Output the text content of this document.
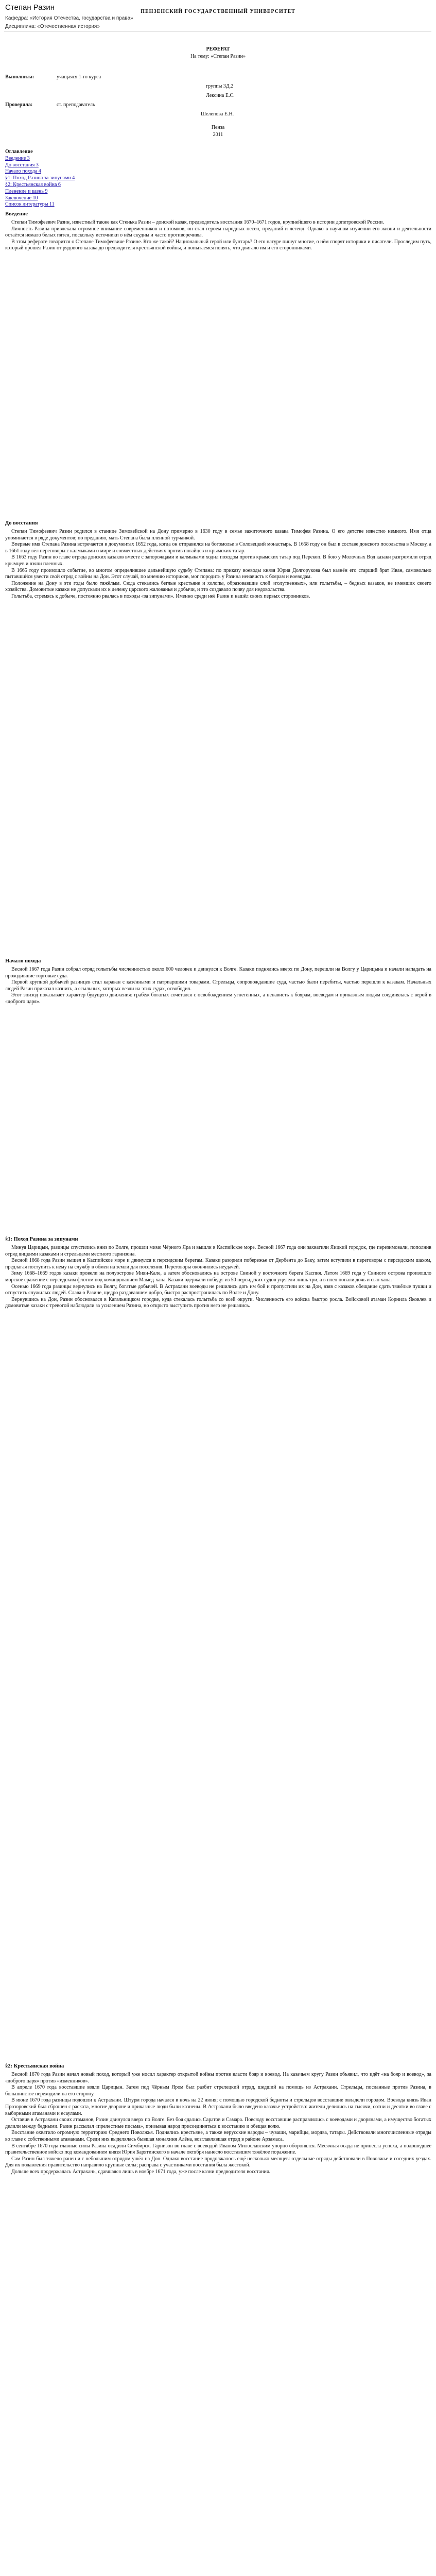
Степан Разин
Кафедра: «История Отечества, государства и права»
Дисциплина: «Отечественная история»
ПЕНЗЕНСКИЙ ГОСУДАРСТВЕННЫЙ УНИВЕРСИТЕТ
РЕФЕРАТ
На тему: «Степан Разин»
Выполнила:	учащаяся 1-го курса
группы 3Д.2
Лексина Е.С.
Проверила:	ст. преподаватель
Шелепова Е.Н.
Пенза
2011
Оглавление
Введение 3
До восстания 3
Начало похода 4
§1: Поход Разина за зипунами 4
§2: Крестьянская война 6
Пленение и казнь 9
Заключение 10
Список литературы 11
Введение

Степан Тимофеевич Разин, известный также как Стенька Разин – донской казак, предводитель восстания 1670–1671 годов, крупнейшего в истории допетровской России.

Личность Разина привлекала огромное внимание современников и потомков, он стал героем народных песен, преданий и легенд. Однако в научном изучении его жизни и деятельности остаётся немало белых пятен, поскольку источники о нём скудны и часто противоречивы.

В этом реферате говорится о Степане Тимофеевиче Разине. Кто же такой? Национальный герой или бунтарь? О его натуре пишут многие, о нём спорят историки и писатели. Проследим путь, который прошёл Разин от рядового казака до предводителя крестьянской войны, и попытаемся понять, что двигало им и его сторонниками.

До восстания

Степан Тимофеевич Разин родился в станице Зимовейской на Дону примерно в 1630 году в семье зажиточного казака Тимофея Разина. О его детстве известно немного. Имя отца упоминается в ряде документов; по преданию, мать Степана была пленной турчанкой.

Впервые имя Степана Разина встречается в документах 1652 года, когда он отправился на богомолье в Соловецкий монастырь. В 1658 году он был в составе донского посольства в Москву, а в 1661 году вёл переговоры с калмыками о мире и совместных действиях против ногайцев и крымских татар.

В 1663 году Разин во главе отряда донских казаков вместе с запорожцами и калмыками ходил походом против крымских татар под Перекоп. В бою у Молочных Вод казаки разгромили отряд крымцев и взяли пленных.

В 1665 году произошло событие, во многом определившее дальнейшую судьбу Степана: по приказу воеводы князя Юрия Долгорукова был казнён его старший брат Иван, самовольно пытавшийся увести свой отряд с войны на Дон. Этот случай, по мнению историков, мог породить у Разина ненависть к боярам и воеводам.

Положение на Дону в эти годы было тяжёлым. Сюда стекались беглые крестьяне и холопы, образовавшие слой «голутвенных», или голытьбы, – бедных казаков, не имевших своего хозяйства. Домовитые казаки не допускали их к дележу царского жалованья и добычи, и это создавало почву для недовольства.

Голытьба, стремясь к добыче, постоянно рвалась в походы «за зипунами». Именно среди неё Разин и нашёл своих первых сторонников.

Начало похода

Весной 1667 года Разин собрал отряд голытьбы численностью около 600 человек и двинулся к Волге. Казаки поднялись вверх по Дону, перешли на Волгу у Царицына и начали нападать на проходившие торговые суда.

Первой крупной добычей разинцев стал караван с казёнными и патриаршими товарами. Стрельцы, сопровождавшие суда, частью были перебиты, частью перешли к казакам. Начальных людей Разин приказал казнить, а ссыльных, которых везли на этих судах, освободил.

Этот эпизод показывает характер будущего движения: грабёж богатых сочетался с освобождением угнетённых, а ненависть к боярам, воеводам и приказным людям соединялась с верой в «доброго царя».

§1: Поход Разина за зипунами

Минуя Царицын, разинцы спустились вниз по Волге, прошли мимо Чёрного Яра и вышли в Каспийское море. Весной 1667 года они захватили Яицкий городок, где перезимовали, пополнив отряд яицкими казаками и стрельцами местного гарнизона.

Весной 1668 года Разин вышел в Каспийское море и двинулся к персидским берегам. Казаки разорили побережье от Дербента до Баку, затем вступили в переговоры с персидским шахом, предлагая поступить к нему на службу в обмен на земли для поселения. Переговоры окончились неудачей.

Зиму 1668–1669 годов казаки провели на полуострове Миян-Кале, а затем обосновались на острове Свиной у восточного берега Каспия. Летом 1669 года у Свиного острова произошло морское сражение с персидским флотом под командованием Мамед-хана. Казаки одержали победу: из 50 персидских судов уцелели лишь три, а в плен попали дочь и сын хана.

Осенью 1669 года разинцы вернулись на Волгу, богатые добычей. В Астрахани воеводы не решились дать им бой и пропустили их на Дон, взяв с казаков обещание сдать тяжёлые пушки и отпустить служилых людей. Слава о Разине, щедро раздававшем добро, быстро распространилась по Волге и Дону.

Вернувшись на Дон, Разин обосновался в Кагальницком городке, куда стекалась голытьба со всей округи. Численность его войска быстро росла. Войсковой атаман Корнила Яковлев и домовитые казаки с тревогой наблюдали за усилением Разина, но открыто выступить против него не решались.

§2: Крестьянская война

Весной 1670 года Разин начал новый поход, который уже носил характер открытой войны против власти бояр и воевод. На казачьем кругу Разин объявил, что идёт «на бояр и воевод», за «доброго царя» против «изменников».

В апреле 1670 года восставшие взяли Царицын. Затем под Чёрным Яром был разбит стрелецкий отряд, шедший на помощь из Астрахани. Стрельцы, посланные против Разина, в большинстве переходили на его сторону.

В июне 1670 года разинцы подошли к Астрахани. Штурм города начался в ночь на 22 июня; с помощью городской бедноты и стрельцов восставшие овладели городом. Воевода князь Иван Прозоровский был сброшен с раската, многие дворяне и приказные люди были казнены. В Астрахани было введено казачье устройство: жители делились на тысячи, сотни и десятки во главе с выборными атаманами и есаулами.

Оставив в Астрахани своих атаманов, Разин двинулся вверх по Волге. Без боя сдались Саратов и Самара. Повсюду восставшие расправлялись с воеводами и дворянами, а имущество богатых делили между бедными. Разин рассылал «прелестные письма», призывая народ присоединяться к восстанию и обещая волю.

Восстание охватило огромную территорию Среднего Поволжья. Поднялись крестьяне, а также нерусские народы – чуваши, марийцы, мордва, татары. Действовали многочисленные отряды во главе с собственными атаманами. Среди них выделялась бывшая монахиня Алёна, возглавлявшая отряд в районе Арзамаса.

В сентябре 1670 года главные силы Разина осадили Симбирск. Гарнизон во главе с воеводой Иваном Милославским упорно оборонялся. Месячная осада не принесла успеха, а подошедшее правительственное войско под командованием князя Юрия Барятинского в начале октября нанесло восставшим тяжёлое поражение.

Сам Разин был тяжело ранен и с небольшим отрядом ушёл на Дон. Однако восстание продолжалось ещё несколько месяцев: отдельные отряды действовали в Поволжье и соседних уездах. Для их подавления правительство направило крупные силы; расправа с участниками восстания была жестокой.

Дольше всех продержалась Астрахань, сдавшаяся лишь в ноябре 1671 года, уже после казни предводителя восстания.
